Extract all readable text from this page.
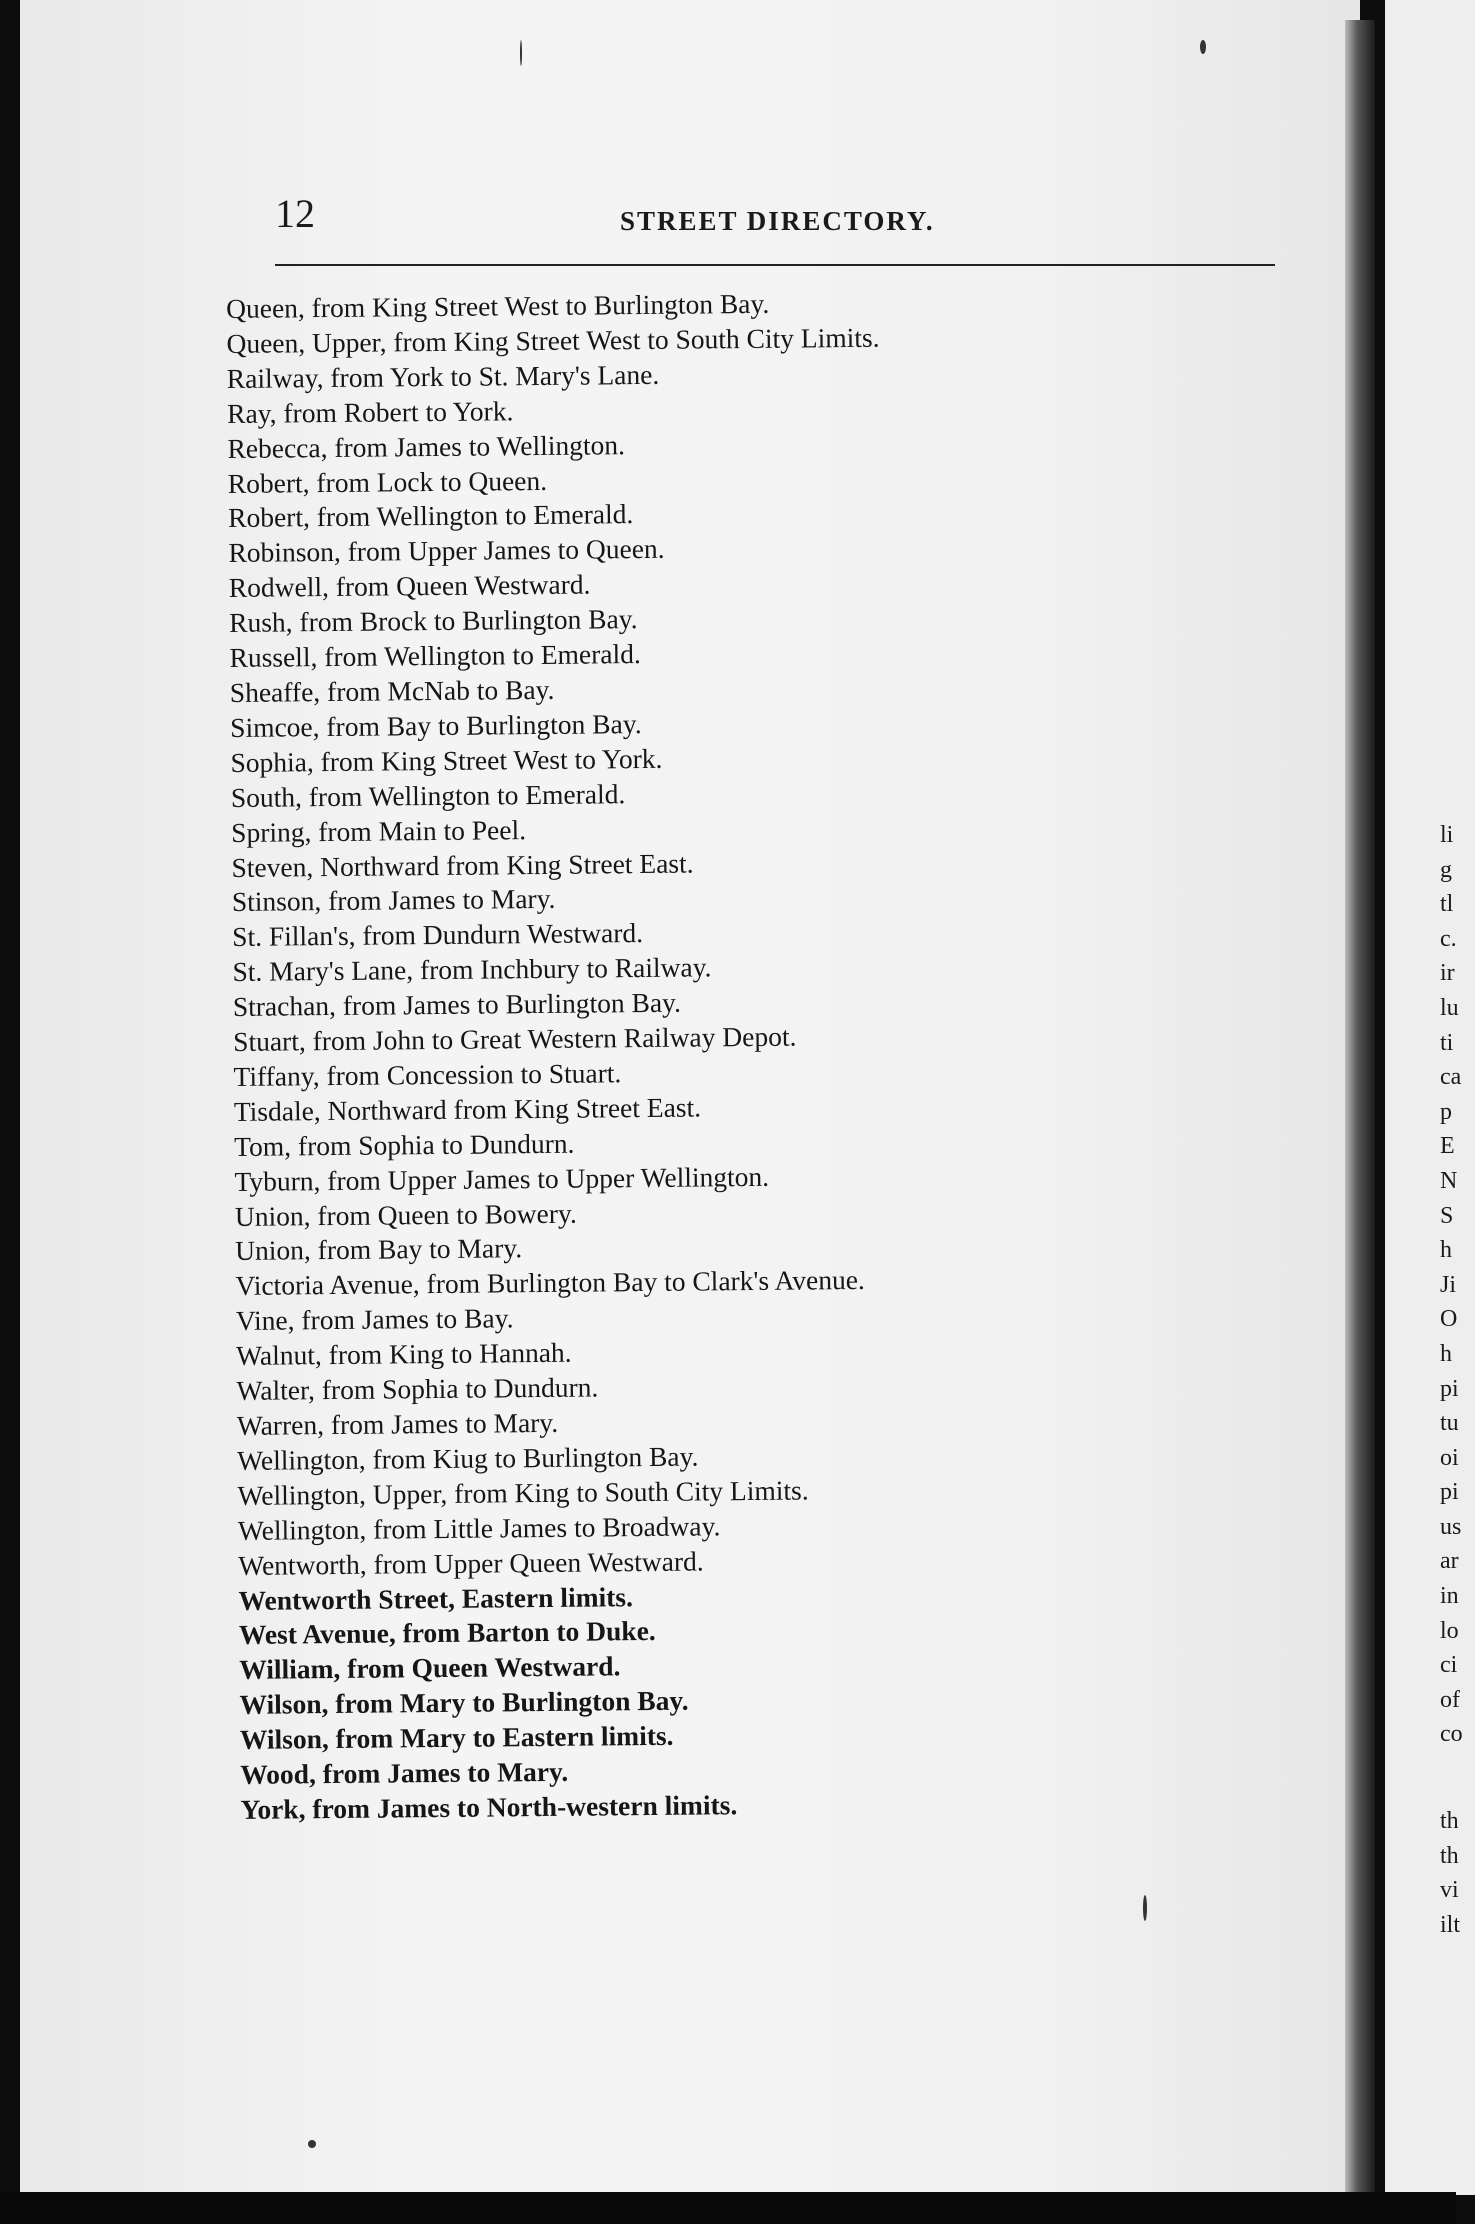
12	STREET DIRECTORY.
Queen, from King Street West to Burlington Bay.
Queen, Upper, from King Street West to South City Limits.
Railway, from York to St. Mary's Lane.
Ray, from Robert to York.
Rebecca, from James to Wellington.
Robert, from Lock to Queen.
Robert, from Wellington to Emerald.
Robinson, from Upper James to Queen.
Rodwell, from Queen Westward.
Rush, from Brock to Burlington Bay.
Russell, from Wellington to Emerald.
Sheaffe, from McNab to Bay.
Simcoe, from Bay to Burlington Bay.
Sophia, from King Street West to York.
South, from Wellington to Emerald.
Spring, from Main to Peel.
Steven, Northward from King Street East.
Stinson, from James to Mary.
St. Fillan's, from Dundurn Westward.
St. Mary's Lane, from Inchbury to Railway.
Strachan, from James to Burlington Bay.
Stuart, from John to Great Western Railway Depot.
Tiffany, from Concession to Stuart.
Tisdale, Northward from King Street East.
Tom, from Sophia to Dundurn.
Tyburn, from Upper James to Upper Wellington.
Union, from Queen to Bowery.
Union, from Bay to Mary.
Victoria Avenue, from Burlington Bay to Clark's Avenue.
Vine, from James to Bay.
Walnut, from King to Hannah.
Walter, from Sophia to Dundurn.
Warren, from James to Mary.
Wellington, from Kiug to Burlington Bay.
Wellington, Upper, from King to South City Limits.
Wellington, from Little James to Broadway.
Wentworth, from Upper Queen Westward.
Wentworth Street, Eastern limits.
West Avenue, from Barton to Duke.
William, from Queen Westward.
Wilson, from Mary to Burlington Bay.
Wilson, from Mary to Eastern limits.
Wood, from James to Mary.
York, from James to North-western limits.
li
g
tl
c.
ir
lu
ti
ca
p
E
N
S
h
Ji
O
h
pi
tu
oi
pi
us
ar
in
lo
ci
of
co
th
th
vi
ilt
